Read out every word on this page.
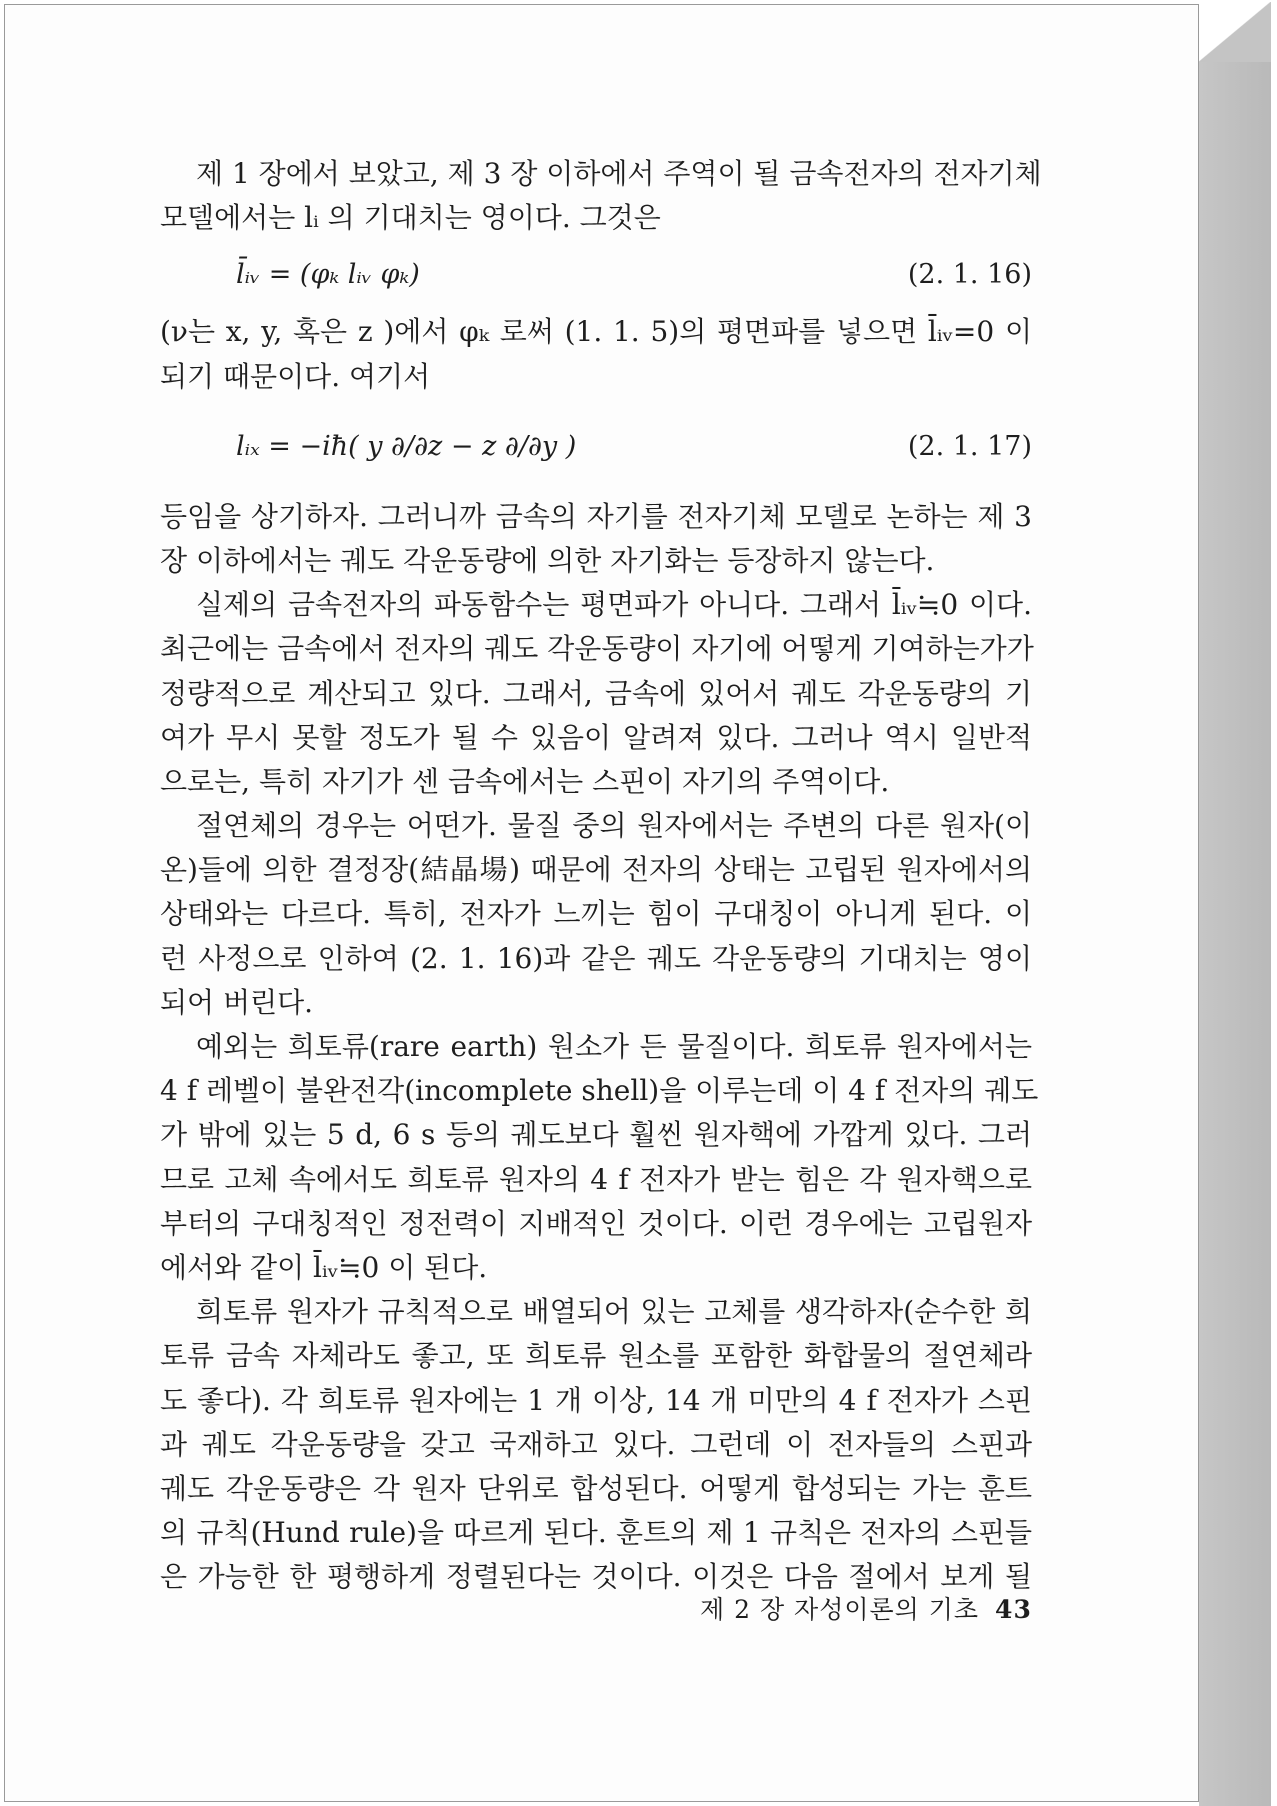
제 1 장에서 보았고, 제 3 장 이하에서 주역이 될 금속전자의 전자기체
모델에서는 lᵢ 의 기대치는 영이다. 그것은
l̄ᵢᵥ = (φₖ lᵢᵥ φₖ)	(2. 1. 16)
(ν는 x, y, 혹은 z )에서 φₖ 로써 (1. 1. 5)의 평면파를 넣으면 l̄ᵢᵥ=0 이
되기 때문이다. 여기서
lᵢₓ = −iħ( y ∂/∂z − z ∂/∂y )	(2. 1. 17)
등임을 상기하자. 그러니까 금속의 자기를 전자기체 모델로 논하는 제 3
장 이하에서는 궤도 각운동량에 의한 자기화는 등장하지 않는다.
실제의 금속전자의 파동함수는 평면파가 아니다. 그래서 l̄ᵢᵥ≒0 이다.
최근에는 금속에서 전자의 궤도 각운동량이 자기에 어떻게 기여하는가가
정량적으로 계산되고 있다. 그래서, 금속에 있어서 궤도 각운동량의 기
여가 무시 못할 정도가 될 수 있음이 알려져 있다. 그러나 역시 일반적
으로는, 특히 자기가 센 금속에서는 스핀이 자기의 주역이다.
절연체의 경우는 어떤가. 물질 중의 원자에서는 주변의 다른 원자(이
온)들에 의한 결정장(結晶場) 때문에 전자의 상태는 고립된 원자에서의
상태와는 다르다. 특히, 전자가 느끼는 힘이 구대칭이 아니게 된다. 이
런 사정으로 인하여 (2. 1. 16)과 같은 궤도 각운동량의 기대치는 영이
되어 버린다.
예외는 희토류(rare earth) 원소가 든 물질이다. 희토류 원자에서는
4 f 레벨이 불완전각(incomplete shell)을 이루는데 이 4 f 전자의 궤도
가 밖에 있는 5 d, 6 s 등의 궤도보다 훨씬 원자핵에 가깝게 있다. 그러
므로 고체 속에서도 희토류 원자의 4 f 전자가 받는 힘은 각 원자핵으로
부터의 구대칭적인 정전력이 지배적인 것이다. 이런 경우에는 고립원자
에서와 같이 l̄ᵢᵥ≒0 이 된다.
희토류 원자가 규칙적으로 배열되어 있는 고체를 생각하자(순수한 희
토류 금속 자체라도 좋고, 또 희토류 원소를 포함한 화합물의 절연체라
도 좋다). 각 희토류 원자에는 1 개 이상, 14 개 미만의 4 f 전자가 스핀
과 궤도 각운동량을 갖고 국재하고 있다. 그런데 이 전자들의 스핀과
궤도 각운동량은 각 원자 단위로 합성된다. 어떻게 합성되는 가는 훈트
의 규칙(Hund rule)을 따르게 된다. 훈트의 제 1 규칙은 전자의 스핀들
은 가능한 한 평행하게 정렬된다는 것이다. 이것은 다음 절에서 보게 될
제 2 장 자성이론의 기초 43
